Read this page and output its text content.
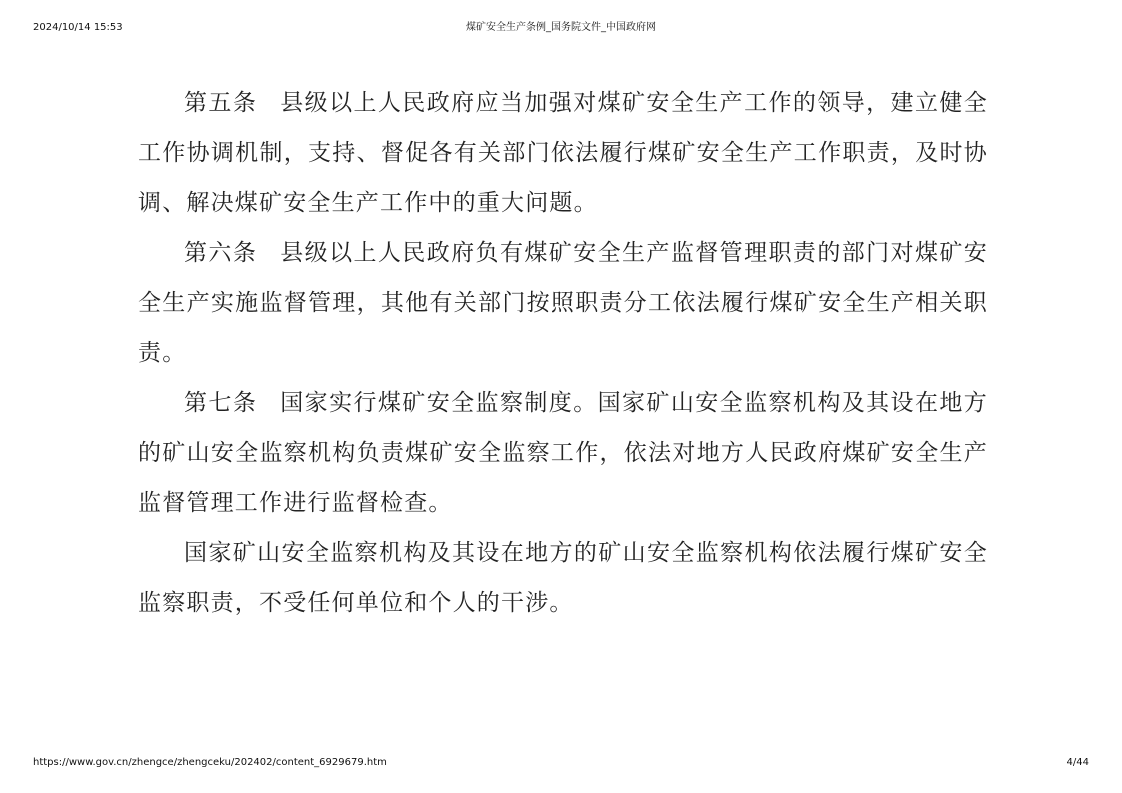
2024/10/14 15:53	煤矿安全生产条例_国务院文件_中国政府网

第五条 县级以上人民政府应当加强对煤矿安全生产工作的领导，建立健全工作协调机制，支持、督促各有关部门依法履行煤矿安全生产工作职责，及时协调、解决煤矿安全生产工作中的重大问题。

第六条 县级以上人民政府负有煤矿安全生产监督管理职责的部门对煤矿安全生产实施监督管理，其他有关部门按照职责分工依法履行煤矿安全生产相关职责。

第七条 国家实行煤矿安全监察制度。国家矿山安全监察机构及其设在地方的矿山安全监察机构负责煤矿安全监察工作，依法对地方人民政府煤矿安全生产监督管理工作进行监督检查。

国家矿山安全监察机构及其设在地方的矿山安全监察机构依法履行煤矿安全监察职责，不受任何单位和个人的干涉。

https://www.gov.cn/zhengce/zhengceku/202402/content_6929679.htm	4/44
